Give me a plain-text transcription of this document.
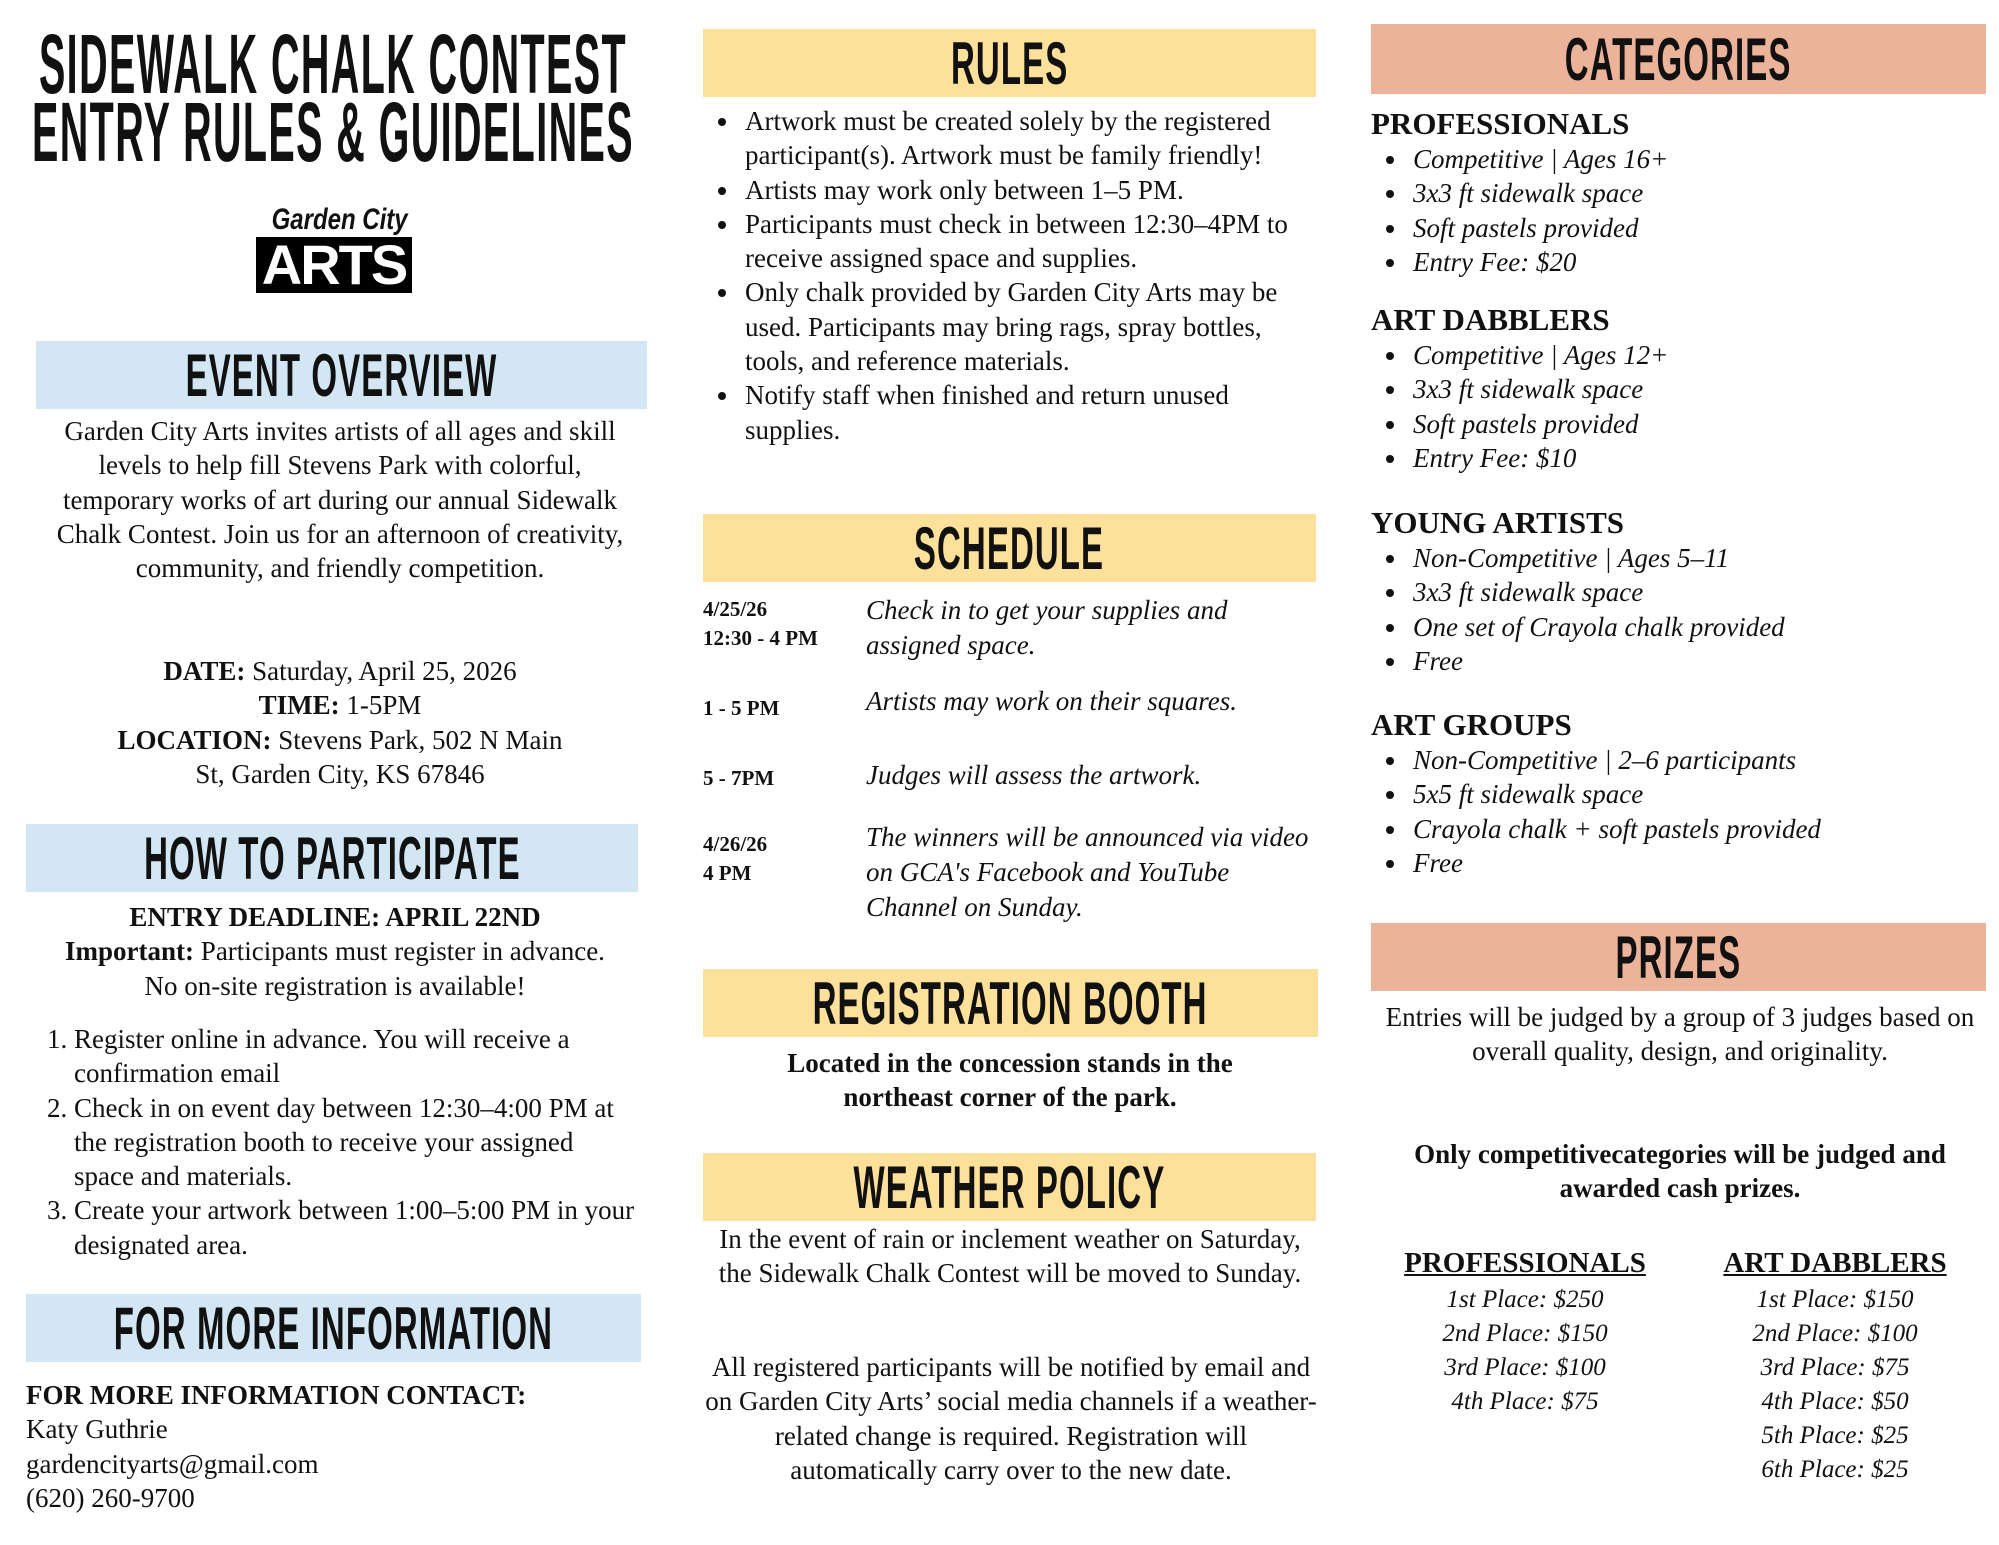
SIDEWALK CHALK CONTEST
ENTRY RULES & GUIDELINES
Garden City
ARTS
EVENT OVERVIEW
Garden City Arts invites artists of all ages and skill levels to help fill Stevens Park with colorful, temporary works of art during our annual Sidewalk Chalk Contest. Join us for an afternoon of creativity, community, and friendly competition.
DATE: Saturday, April 25, 2026
TIME: 1-5PM
LOCATION: Stevens Park, 502 N Main St, Garden City, KS 67846
HOW TO PARTICIPATE
ENTRY DEADLINE: APRIL 22ND
Important: Participants must register in advance. No on-site registration is available!
1. Register online in advance. You will receive a confirmation email
2. Check in on event day between 12:30–4:00 PM at the registration booth to receive your assigned space and materials.
3. Create your artwork between 1:00–5:00 PM in your designated area.
FOR MORE INFORMATION
FOR MORE INFORMATION CONTACT:
Katy Guthrie
gardencityarts@gmail.com
(620) 260-9700
RULES
• Artwork must be created solely by the registered participant(s). Artwork must be family friendly!
• Artists may work only between 1–5 PM.
• Participants must check in between 12:30–4PM to receive assigned space and supplies.
• Only chalk provided by Garden City Arts may be used. Participants may bring rags, spray bottles, tools, and reference materials.
• Notify staff when finished and return unused supplies.
SCHEDULE
4/25/26
12:30 - 4 PM
Check in to get your supplies and assigned space.
1 - 5 PM	Artists may work on their squares.
5 - 7PM	Judges will assess the artwork.
4/26/26
4 PM
The winners will be announced via video on GCA's Facebook and YouTube Channel on Sunday.
REGISTRATION BOOTH
Located in the concession stands in the northeast corner of the park.
WEATHER POLICY
In the event of rain or inclement weather on Saturday, the Sidewalk Chalk Contest will be moved to Sunday.
All registered participants will be notified by email and on Garden City Arts’ social media channels if a weather-related change is required. Registration will automatically carry over to the new date.
CATEGORIES
PROFESSIONALS
• Competitive | Ages 16+
• 3x3 ft sidewalk space
• Soft pastels provided
• Entry Fee: $20
ART DABBLERS
• Competitive | Ages 12+
• 3x3 ft sidewalk space
• Soft pastels provided
• Entry Fee: $10
YOUNG ARTISTS
• Non-Competitive | Ages 5–11
• 3x3 ft sidewalk space
• One set of Crayola chalk provided
• Free
ART GROUPS
• Non-Competitive | 2–6 participants
• 5x5 ft sidewalk space
• Crayola chalk + soft pastels provided
• Free
PRIZES
Entries will be judged by a group of 3 judges based on overall quality, design, and originality.
Only competitivecategories will be judged and awarded cash prizes.
PROFESSIONALS
1st Place: $250
2nd Place: $150
3rd Place: $100
4th Place: $75
ART DABBLERS
1st Place: $150
2nd Place: $100
3rd Place: $75
4th Place: $50
5th Place: $25
6th Place: $25
